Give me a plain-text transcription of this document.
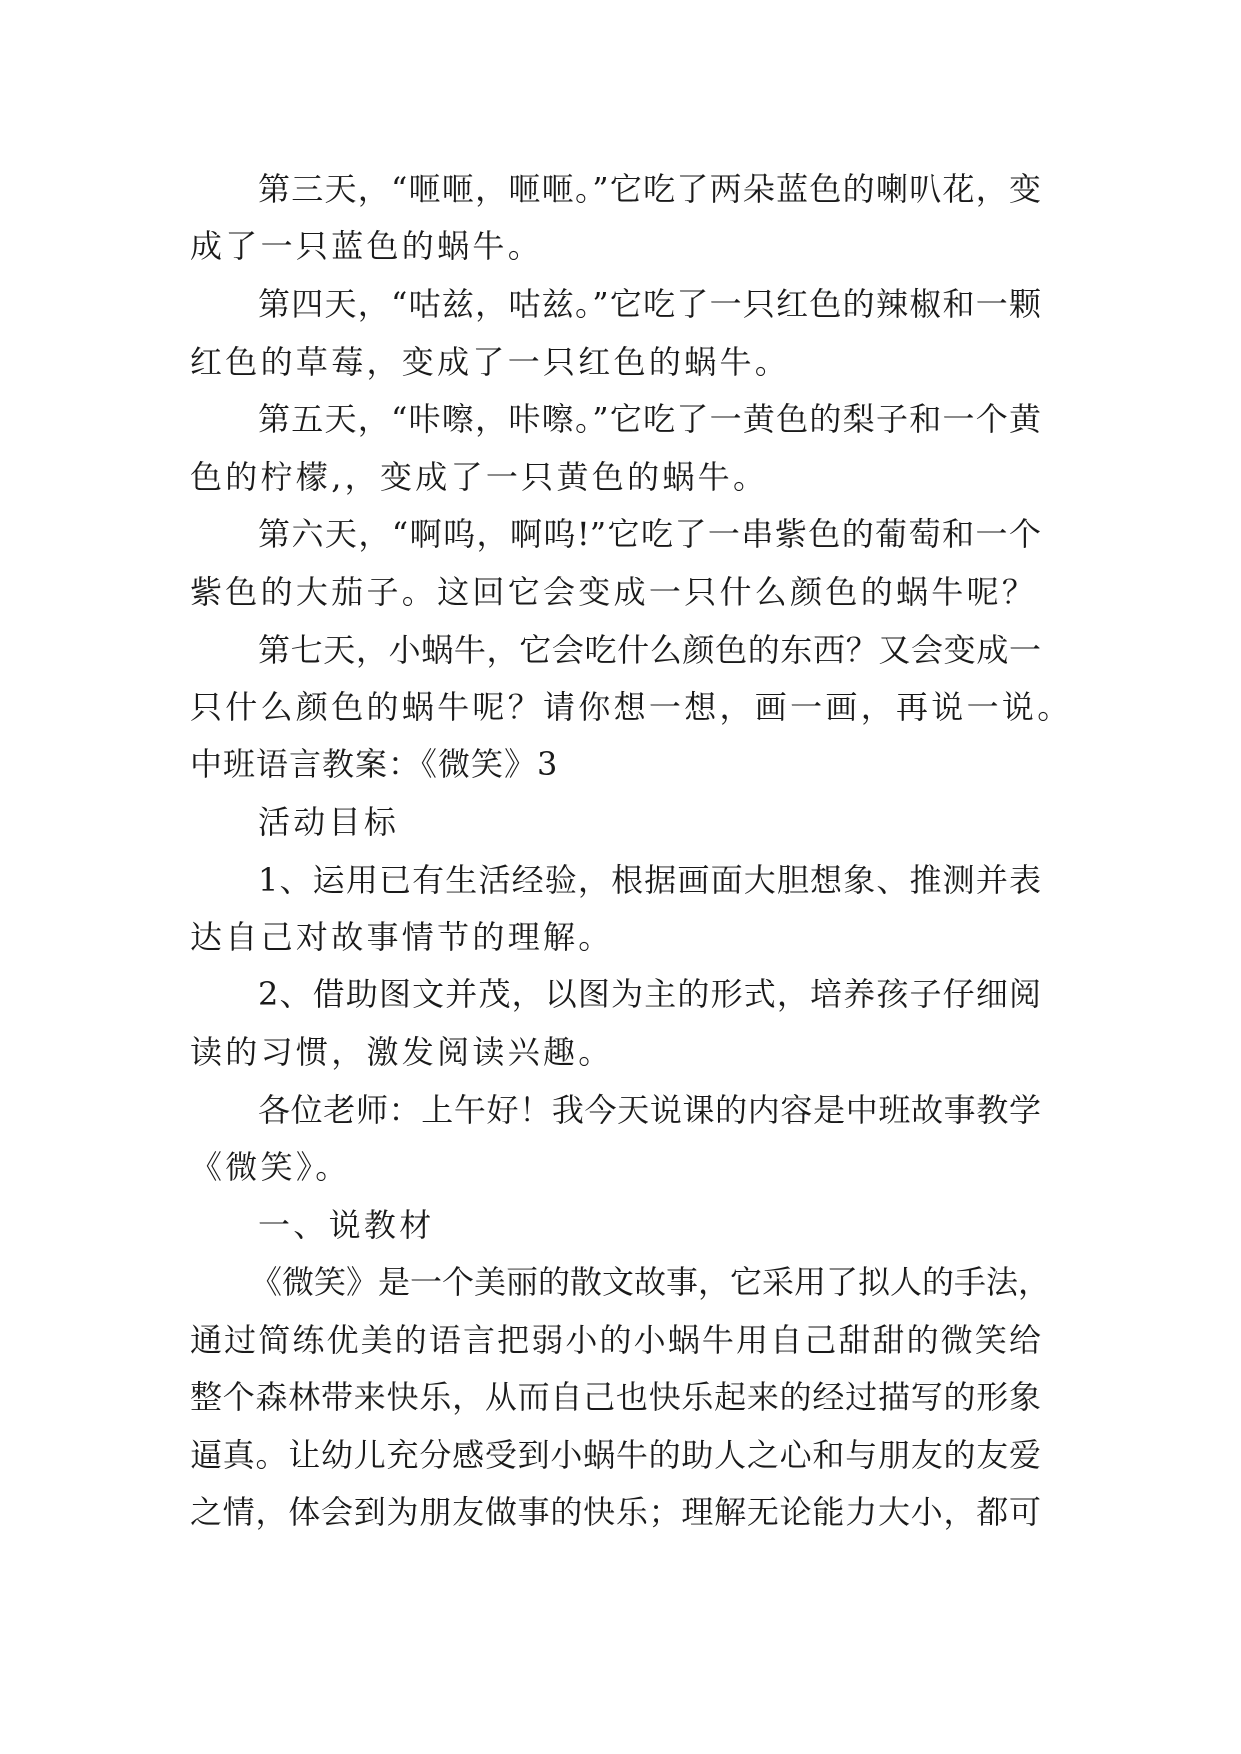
第三天，“咂咂，咂咂。”它吃了两朵蓝色的喇叭花，变
成了一只蓝色的蜗牛。
第四天，“咕兹，咕兹。”它吃了一只红色的辣椒和一颗
红色的草莓，变成了一只红色的蜗牛。
第五天，“咔嚓，咔嚓。”它吃了一黄色的梨子和一个黄
色的柠檬,，变成了一只黄色的蜗牛。
第六天，“啊呜，啊呜!”它吃了一串紫色的葡萄和一个
紫色的大茄子。这回它会变成一只什么颜色的蜗牛呢？
第七天，小蜗牛，它会吃什么颜色的东西？又会变成一
只什么颜色的蜗牛呢？请你想一想，画一画，再说一说。
中班语言教案：《微笑》3
活动目标
1、运用已有生活经验，根据画面大胆想象、推测并表
达自己对故事情节的理解。
2、借助图文并茂，以图为主的形式，培养孩子仔细阅
读的习惯，激发阅读兴趣。
各位老师：上午好！我今天说课的内容是中班故事教学
《微笑》。
一、说教材
《微笑》是一个美丽的散文故事，它采用了拟人的手法，
通过简练优美的语言把弱小的小蜗牛用自己甜甜的微笑给
整个森林带来快乐，从而自己也快乐起来的经过描写的形象
逼真。让幼儿充分感受到小蜗牛的助人之心和与朋友的友爱
之情，体会到为朋友做事的快乐；理解无论能力大小，都可
